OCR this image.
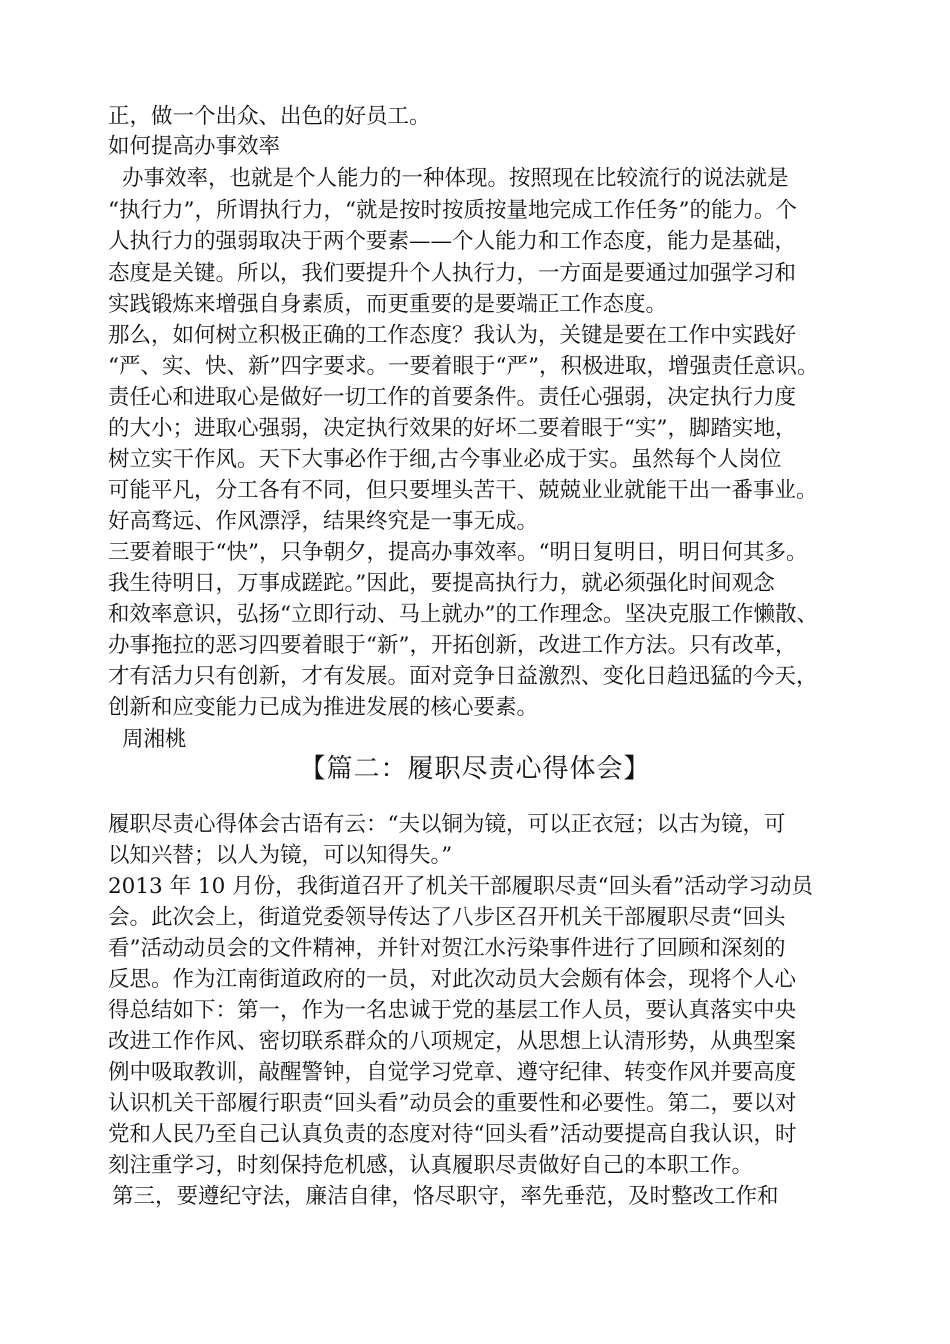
正，做一个出众、出色的好员工。

如何提高办事效率

办事效率，也就是个人能力的一种体现。按照现在比较流行的说法就是

“执行力”，所谓执行力，“就是按时按质按量地完成工作任务”的能力。个

人执行力的强弱取决于两个要素——个人能力和工作态度，能力是基础，

态度是关键。所以，我们要提升个人执行力，一方面是要通过加强学习和

实践锻炼来增强自身素质，而更重要的是要端正工作态度。

那么，如何树立积极正确的工作态度？我认为，关键是要在工作中实践好

“严、实、快、新”四字要求。一要着眼于“严”，积极进取，增强责任意识。

责任心和进取心是做好一切工作的首要条件。责任心强弱，决定执行力度

的大小；进取心强弱，决定执行效果的好坏二要着眼于“实”，脚踏实地，

树立实干作风。天下大事必作于细,古今事业必成于实。虽然每个人岗位

可能平凡，分工各有不同，但只要埋头苦干、兢兢业业就能干出一番事业。

好高骛远、作风漂浮，结果终究是一事无成。

三要着眼于“快”，只争朝夕，提高办事效率。“明日复明日，明日何其多。

我生待明日，万事成蹉跎。”因此，要提高执行力，就必须强化时间观念

和效率意识，弘扬“立即行动、马上就办”的工作理念。坚决克服工作懒散、

办事拖拉的恶习四要着眼于“新”，开拓创新，改进工作方法。只有改革，

才有活力只有创新，才有发展。面对竞争日益激烈、变化日趋迅猛的今天，

创新和应变能力已成为推进发展的核心要素。

周湘桃

【篇二：履职尽责心得体会】

履职尽责心得体会古语有云：“夫以铜为镜，可以正衣冠；以古为镜，可

以知兴替；以人为镜，可以知得失。”

2013 年 10 月份，我街道召开了机关干部履职尽责“回头看”活动学习动员

会。此次会上，街道党委领导传达了八步区召开机关干部履职尽责“回头

看”活动动员会的文件精神，并针对贺江水污染事件进行了回顾和深刻的

反思。作为江南街道政府的一员，对此次动员大会颇有体会，现将个人心

得总结如下：第一，作为一名忠诚于党的基层工作人员，要认真落实中央

改进工作作风、密切联系群众的八项规定，从思想上认清形势，从典型案

例中吸取教训，敲醒警钟，自觉学习党章、遵守纪律、转变作风并要高度

认识机关干部履行职责“回头看”动员会的重要性和必要性。第二，要以对

党和人民乃至自己认真负责的态度对待“回头看”活动要提高自我认识，时

刻注重学习，时刻保持危机感，认真履职尽责做好自己的本职工作。

第三，要遵纪守法，廉洁自律，恪尽职守，率先垂范，及时整改工作和
